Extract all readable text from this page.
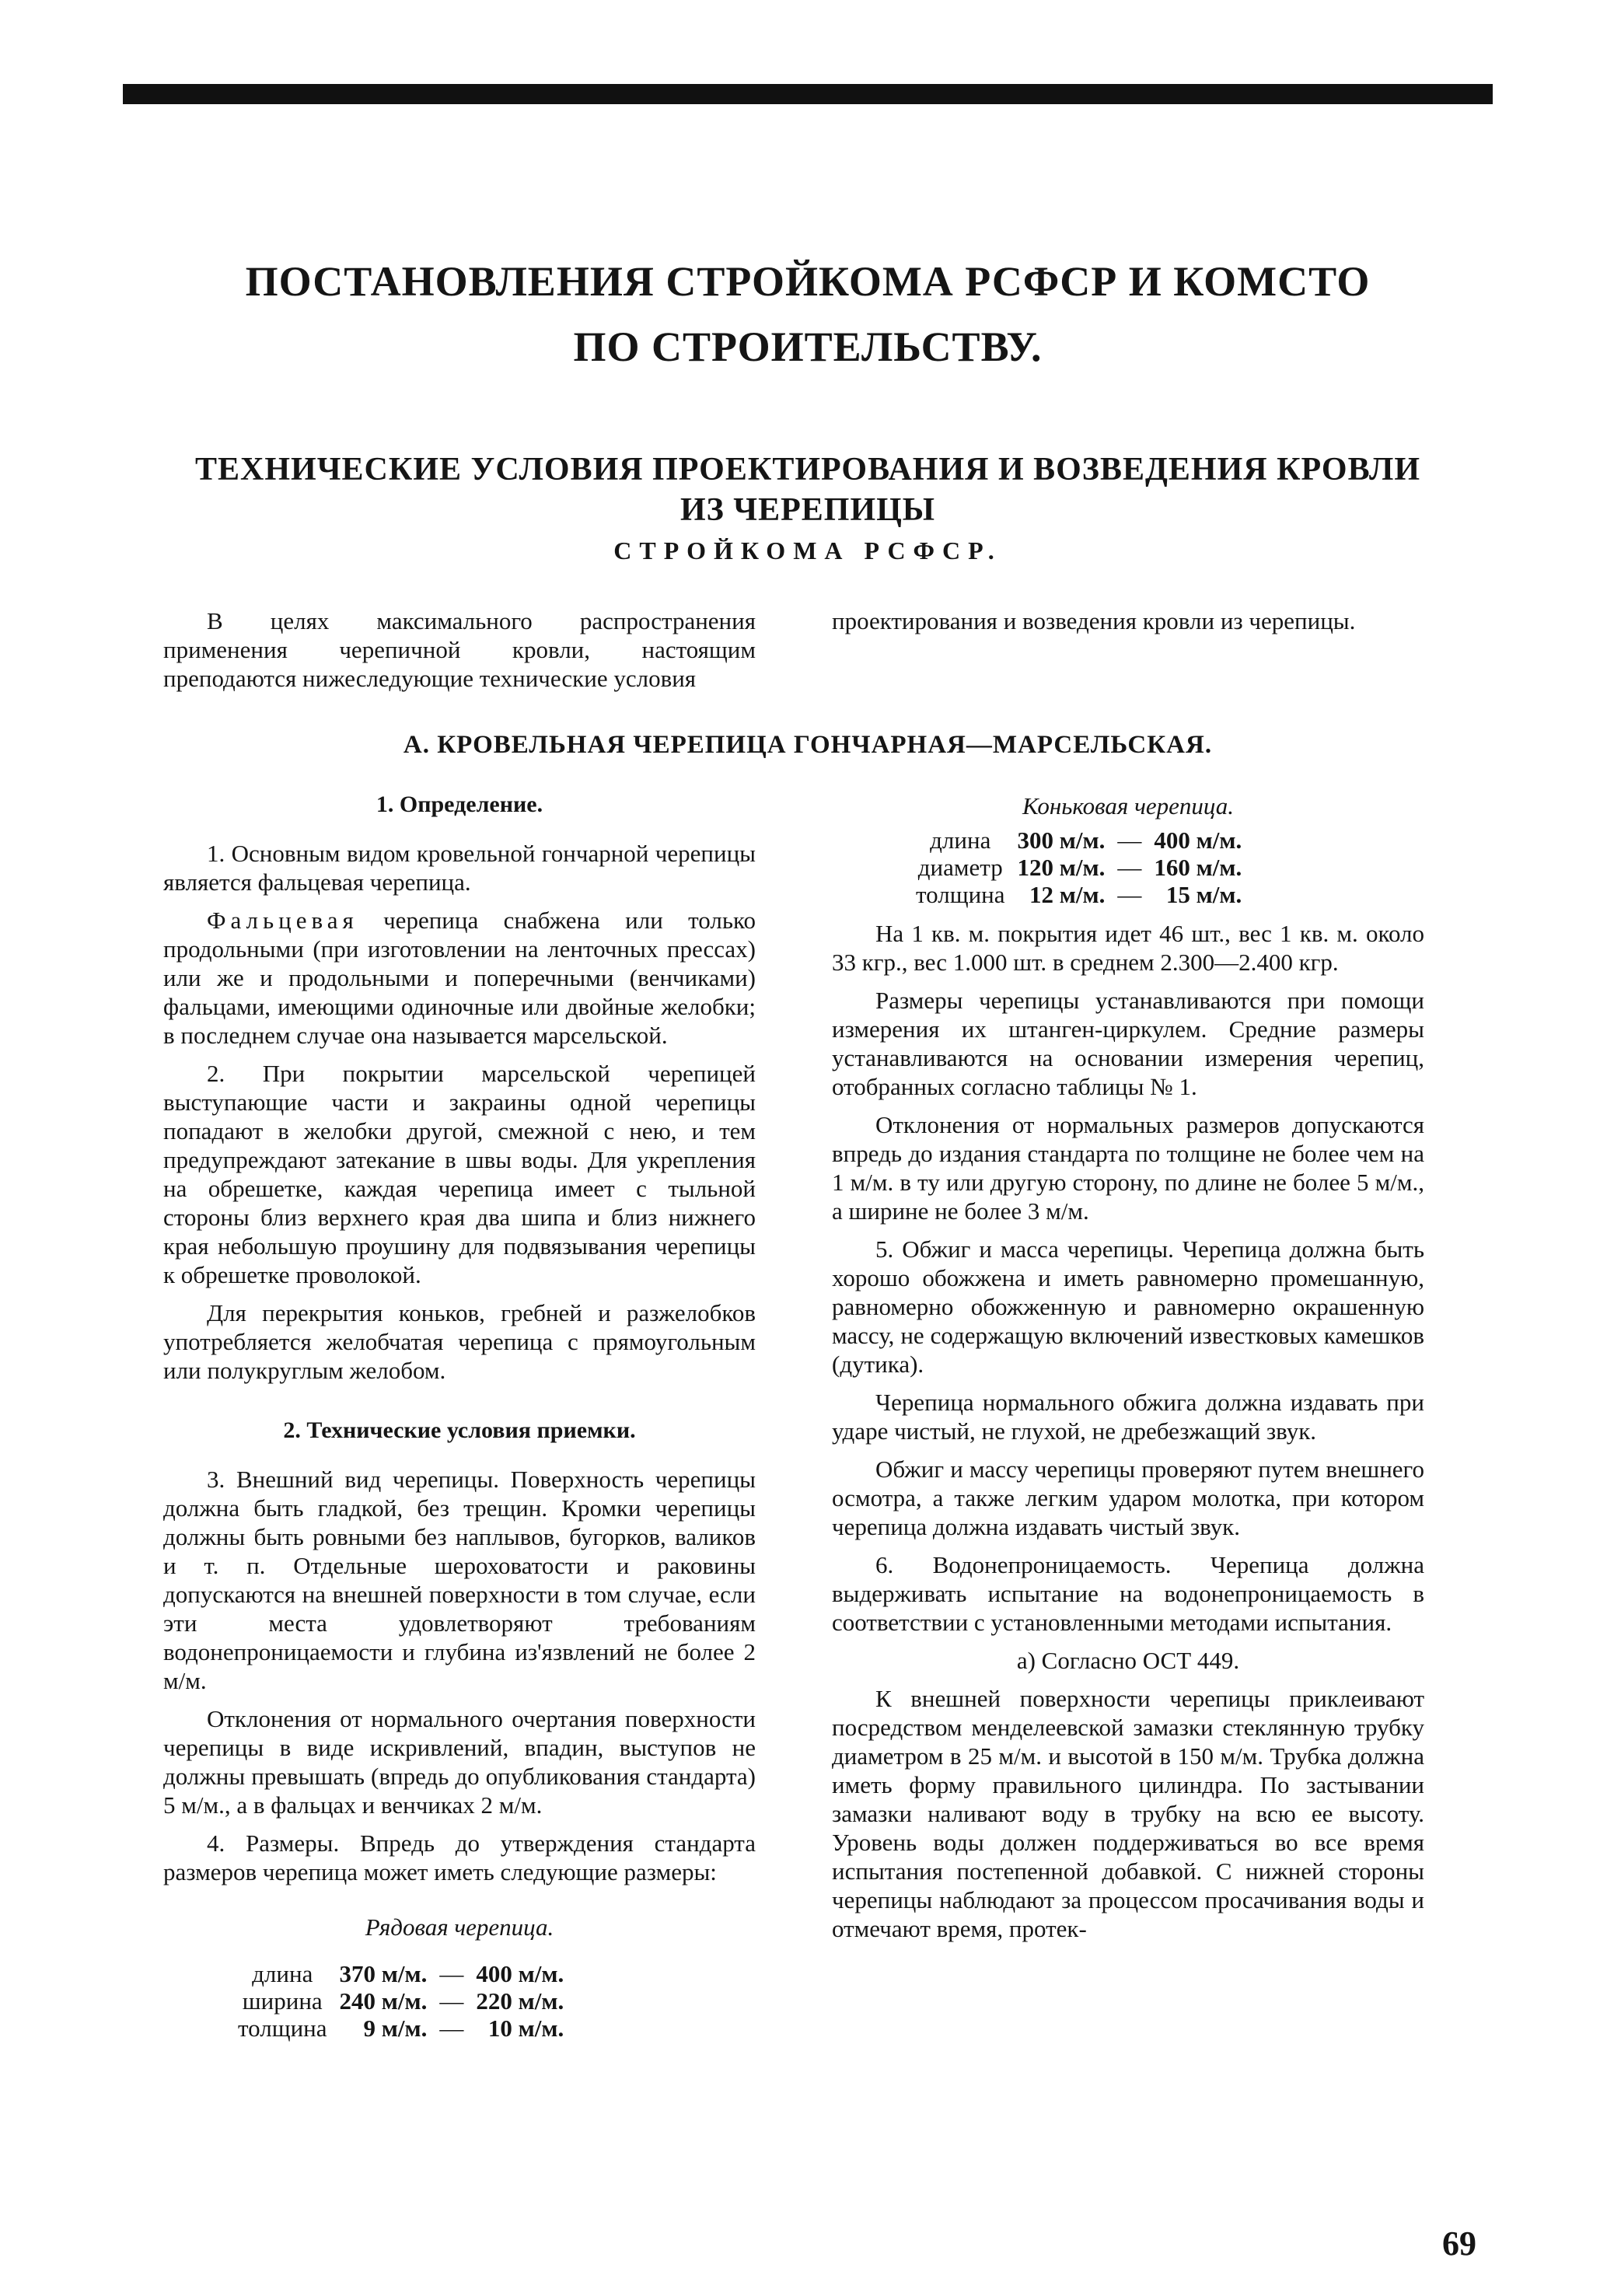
ПОСТАНОВЛЕНИЯ СТРОЙКОМА РСФСР И КОМСТО
ПО СТРОИТЕЛЬСТВУ.
ТЕХНИЧЕСКИЕ УСЛОВИЯ ПРОЕКТИРОВАНИЯ И ВОЗВЕДЕНИЯ КРОВЛИ
ИЗ ЧЕРЕПИЦЫ
СТРОЙКОМА РСФСР.

В целях максимального распространения применения черепичной кровли, настоящим преподаются нижеследующие технические условия

проектирования и возведения кровли из черепицы.

А. КРОВЕЛЬНАЯ ЧЕРЕПИЦА ГОНЧАРНАЯ—МАРСЕЛЬСКАЯ.
1. Определение.

1. Основным видом кровельной гончарной черепицы является фальцевая черепица.

Фальцевая черепица снабжена или только продольными (при изготовлении на ленточных прессах) или же и продольными и поперечными (венчиками) фальцами, имеющими одиночные или двойные желобки; в последнем случае она называется марсельской.

2. При покрытии марсельской черепицей выступающие части и закраины одной черепицы попадают в желобки другой, смежной с нею, и тем предупреждают затекание в швы воды. Для укрепления на обрешетке, каждая черепица имеет с тыльной стороны близ верхнего края два шипа и близ нижнего края небольшую проушину для подвязывания черепицы к обрешетке проволокой.

Для перекрытия коньков, гребней и разжелобков употребляется желобчатая черепица с прямоугольным или полукруглым желобом.

2. Технические условия приемки.

3. Внешний вид черепицы. Поверхность черепицы должна быть гладкой, без трещин. Кромки черепицы должны быть ровными без наплывов, бугорков, валиков и т. п. Отдельные шероховатости и раковины допускаются на внешней поверхности в том случае, если эти места удовлетворяют требованиям водонепроницаемости и глубина из'язвлений не более 2 м/м.

Отклонения от нормального очертания поверхности черепицы в виде искривлений, впадин, выступов не должны превышать (впредь до опубликования стандарта) 5 м/м., а в фальцах и венчиках 2 м/м.

4. Размеры. Впредь до утверждения стандарта размеров черепица может иметь следующие размеры:

Рядовая черепица.
длина	370 м/м.	—	400 м/м.
ширина	240 м/м.	—	220 м/м.
толщина	9 м/м.	—	10 м/м.
Коньковая черепица.
длина	300 м/м.	—	400 м/м.
диаметр	120 м/м.	—	160 м/м.
толщина	12 м/м.	—	15 м/м.

На 1 кв. м. покрытия идет 46 шт., вес 1 кв. м. около 33 кгр., вес 1.000 шт. в среднем 2.300—2.400 кгр.

Размеры черепицы устанавливаются при помощи измерения их штанген-циркулем. Средние размеры устанавливаются на основании измерения черепиц, отобранных согласно таблицы № 1.

Отклонения от нормальных размеров допускаются впредь до издания стандарта по толщине не более чем на 1 м/м. в ту или другую сторону, по длине не более 5 м/м., а ширине не более 3 м/м.

5. Обжиг и масса черепицы. Черепица должна быть хорошо обожжена и иметь равномерно промешанную, равномерно обожженную и равномерно окрашенную массу, не содержащую включений известковых камешков (дутика).

Черепица нормального обжига должна издавать при ударе чистый, не глухой, не дребезжащий звук.

Обжиг и массу черепицы проверяют путем внешнего осмотра, а также легким ударом молотка, при котором черепица должна издавать чистый звук.

6. Водонепроницаемость. Черепица должна выдерживать испытание на водонепроницаемость в соответствии с установленными методами испытания.

а) Согласно ОСТ 449.

К внешней поверхности черепицы приклеивают посредством менделеевской замазки стеклянную трубку диаметром в 25 м/м. и высотой в 150 м/м. Трубка должна иметь форму правильного цилиндра. По застывании замазки наливают воду в трубку на всю ее высоту. Уровень воды должен поддерживаться во все время испытания постепенной добавкой. С нижней стороны черепицы наблюдают за процессом просачивания воды и отмечают время, протек-

69
